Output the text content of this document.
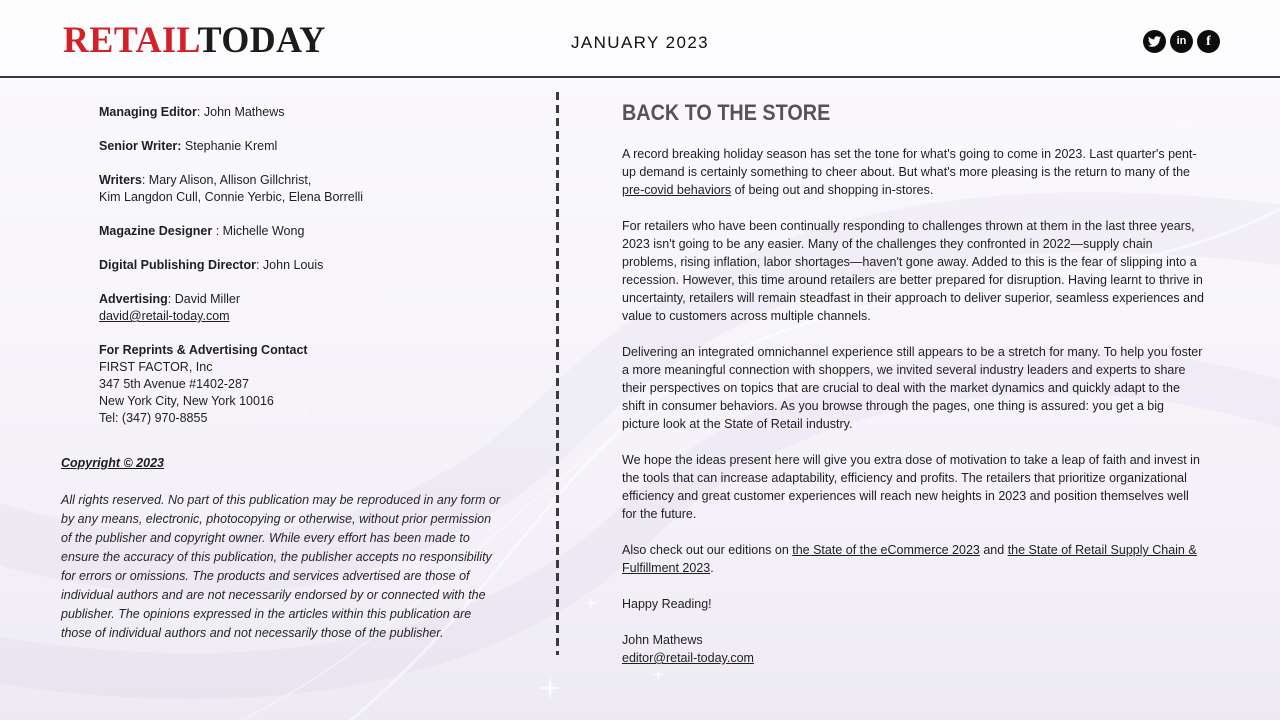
RETAILTODAY	JANUARY 2023	in f

Managing Editor: John Mathews

Senior Writer: Stephanie Kreml

Writers: Mary Alison, Allison Gillchrist,
Kim Langdon Cull, Connie Yerbic, Elena Borrelli

Magazine Designer : Michelle Wong

Digital Publishing Director: John Louis

Advertising: David Miller
david@retail-today.com

For Reprints & Advertising Contact
FIRST FACTOR, Inc
347 5th Avenue #1402-287
New York City, New York 10016
Tel: (347) 970-8855

Copyright © 2023

All rights reserved. No part of this publication may be reproduced in any form or by any means, electronic, photocopying or otherwise, without prior permission of the publisher and copyright owner. While every effort has been made to ensure the accuracy of this publication, the publisher accepts no responsibility for errors or omissions. The products and services advertised are those of individual authors and are not necessarily endorsed by or connected with the publisher. The opinions expressed in the articles within this publication are those of individual authors and not necessarily those of the publisher.

BACK TO THE STORE

A record breaking holiday season has set the tone for what's going to come in 2023. Last quarter's pent-up demand is certainly something to cheer about. But what's more pleasing is the return to many of the pre-covid behaviors of being out and shopping in-stores.

For retailers who have been continually responding to challenges thrown at them in the last three years, 2023 isn't going to be any easier. Many of the challenges they confronted in 2022—supply chain problems, rising inflation, labor shortages—haven't gone away. Added to this is the fear of slipping into a recession. However, this time around retailers are better prepared for disruption. Having learnt to thrive in uncertainty, retailers will remain steadfast in their approach to deliver superior, seamless experiences and value to customers across multiple channels.

Delivering an integrated omnichannel experience still appears to be a stretch for many. To help you foster a more meaningful connection with shoppers, we invited several industry leaders and experts to share their perspectives on topics that are crucial to deal with the market dynamics and quickly adapt to the shift in consumer behaviors. As you browse through the pages, one thing is assured: you get a big picture look at the State of Retail industry.

We hope the ideas present here will give you extra dose of motivation to take a leap of faith and invest in the tools that can increase adaptability, efficiency and profits. The retailers that prioritize organizational efficiency and great customer experiences will reach new heights in 2023 and position themselves well for the future.

Also check out our editions on the State of the eCommerce 2023 and the State of Retail Supply Chain & Fulfillment 2023.

Happy Reading!

John Mathews
editor@retail-today.com
